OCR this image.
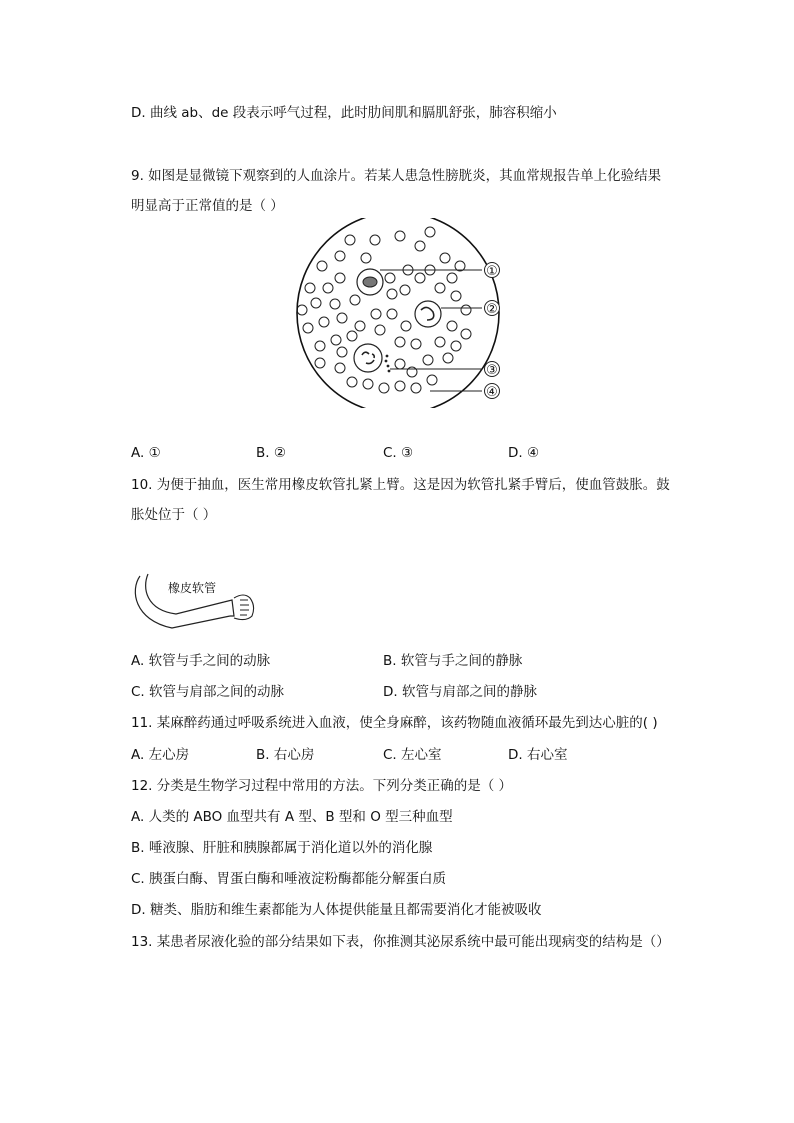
D. 曲线 ab、de 段表示呼气过程，此时肋间肌和膈肌舒张，肺容积缩小
9. 如图是显微镜下观察到的人血涂片。若某人患急性膀胱炎，其血常规报告单上化验结果
明显高于正常值的是（ ）
①
②
③
④
A. ①	B. ②	C. ③	D. ④
10. 为便于抽血，医生常用橡皮软管扎紧上臂。这是因为软管扎紧手臂后，使血管鼓胀。鼓
胀处位于（ ）
橡皮软管
A. 软管与手之间的动脉	B. 软管与手之间的静脉
C. 软管与肩部之间的动脉	D. 软管与肩部之间的静脉
11. 某麻醉药通过呼吸系统进入血液，使全身麻醉，该药物随血液循环最先到达心脏的( )
A. 左心房	B. 右心房	C. 左心室	D. 右心室
12. 分类是生物学习过程中常用的方法。下列分类正确的是（ ）
A. 人类的 ABO 血型共有 A 型、B 型和 O 型三种血型
B. 唾液腺、肝脏和胰腺都属于消化道以外的消化腺
C. 胰蛋白酶、胃蛋白酶和唾液淀粉酶都能分解蛋白质
D. 糖类、脂肪和维生素都能为人体提供能量且都需要消化才能被吸收
13. 某患者尿液化验的部分结果如下表，你推测其泌尿系统中最可能出现病变的结构是（）
